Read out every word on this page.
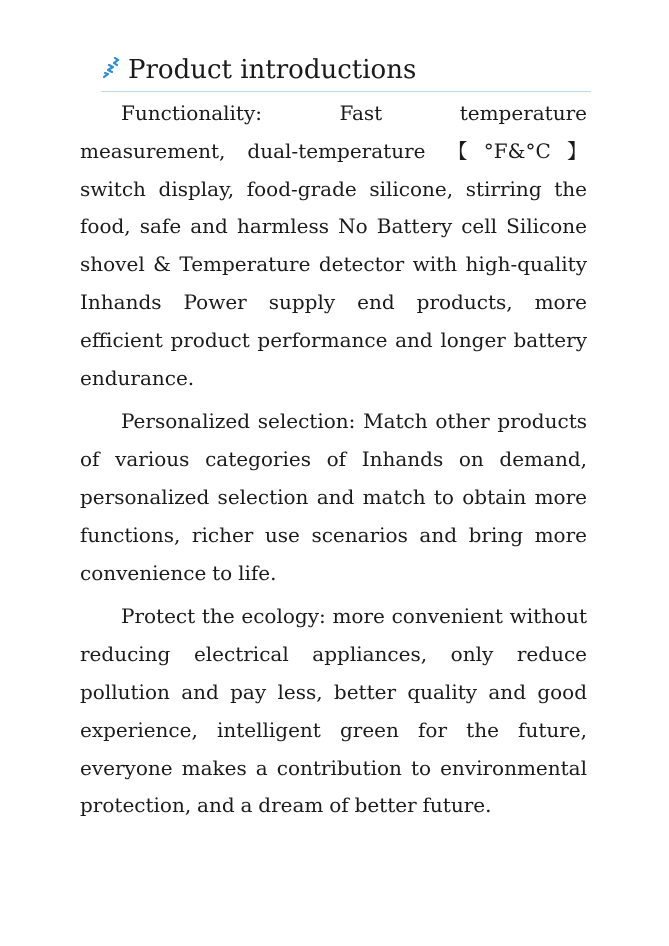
Product introductions

Functionality: Fast temperature measurement, dual-temperature 【°F&°C】switch display, food-grade silicone, stirring the food, safe and harmless No Battery cell Silicone shovel & Temperature detector with high-quality Inhands Power supply end products, more efficient product performance and longer battery endurance.

Personalized selection: Match other products of various categories of Inhands on demand, personalized selection and match to obtain more functions, richer use scenarios and bring more convenience to life.

Protect the ecology: more convenient without reducing electrical appliances, only reduce pollution and pay less, better quality and good experience, intelligent green for the future, everyone makes a contribution to environmental protection, and a dream of better future.
